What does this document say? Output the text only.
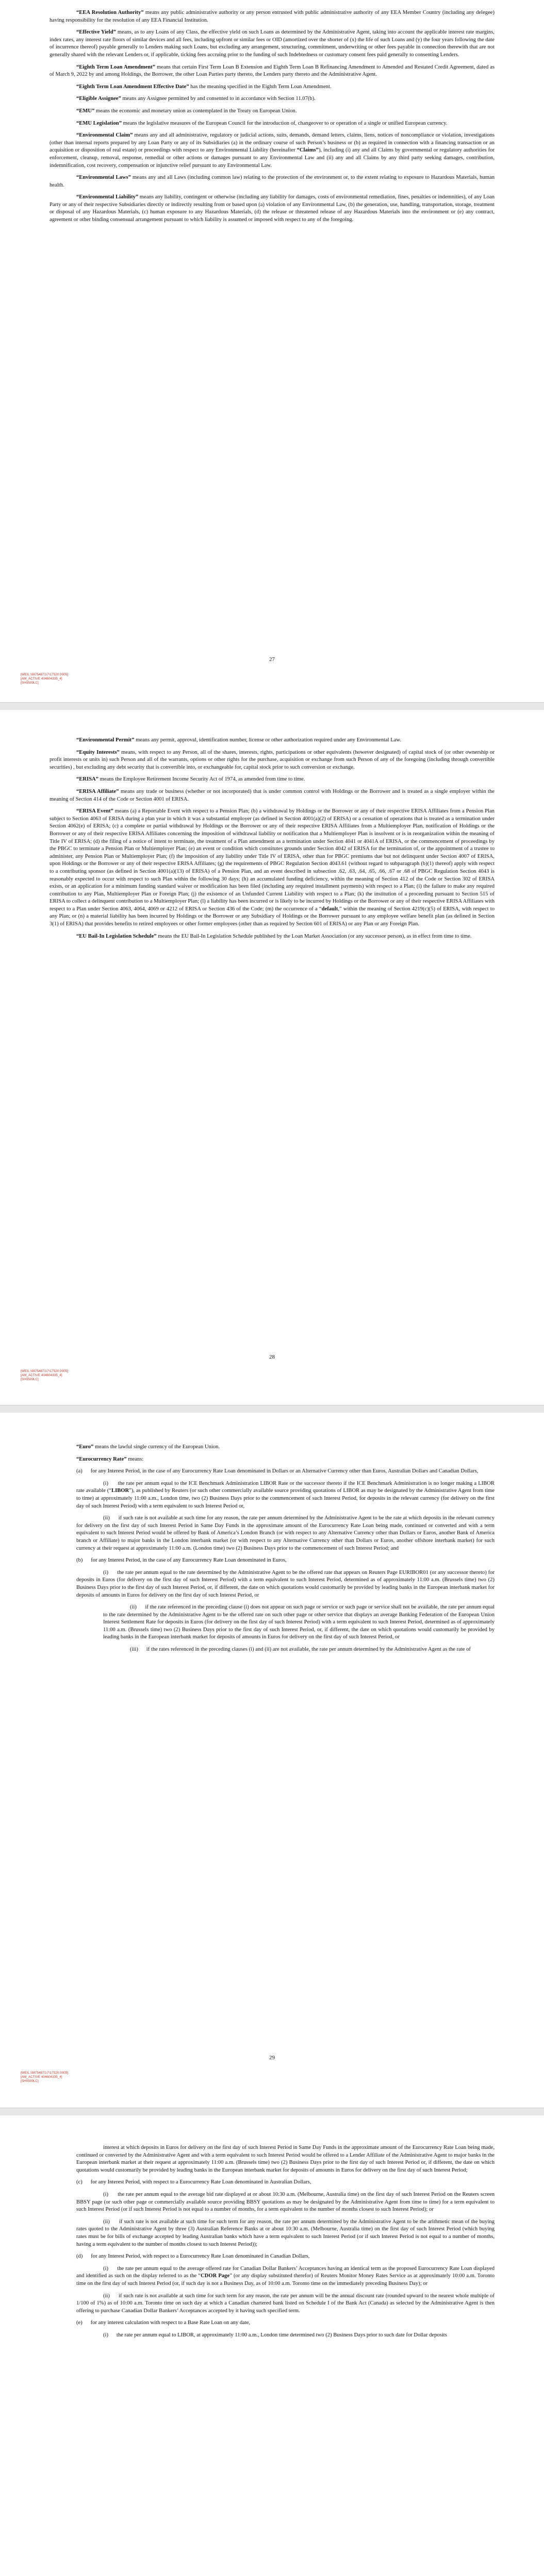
“EEA Resolution Authority” means any public administrative authority or any person entrusted with public administrative authority of any EEA Member Country (including any delegee) having responsibility for the resolution of any EEA Financial Institution.

“Effective Yield” means, as to any Loans of any Class, the effective yield on such Loans as determined by the Administrative Agent, taking into account the applicable interest rate margins, index rates, any interest rate floors of similar devices and all fees, including upfront or similar fees or OID (amortized over the shorter of (x) the life of such Loans and (y) the four years following the date of incurrence thereof) payable generally to Lenders making such Loans, but excluding any arrangement, structuring, commitment, underwriting or other fees payable in connection therewith that are not generally shared with the relevant Lenders or, if applicable, ticking fees accruing prior to the funding of such Indebtedness or customary consent fees paid generally to consenting Lenders.

“Eighth Term Loan Amendment” means that certain First Term Loan B Extension and Eighth Term Loan B Refinancing Amendment to Amended and Restated Credit Agreement, dated as of March 9, 2022 by and among Holdings, the Borrower, the other Loan Parties party thereto, the Lenders party thereto and the Administrative Agent.

“Eighth Term Loan Amendment Effective Date” has the meaning specified in the Eighth Term Loan Amendment.

“Eligible Assignee” means any Assignee permitted by and consented to in accordance with Section 11.07(b).

“EMU” means the economic and monetary union as contemplated in the Treaty on European Union.

“EMU Legislation” means the legislative measures of the European Council for the introduction of, changeover to or operation of a single or unified European currency.

“Environmental Claim” means any and all administrative, regulatory or judicial actions, suits, demands, demand letters, claims, liens, notices of noncompliance or violation, investigations (other than internal reports prepared by any Loan Party or any of its Subsidiaries (a) in the ordinary course of such Person’s business or (b) as required in connection with a financing transaction or an acquisition or disposition of real estate) or proceedings with respect to any Environmental Liability (hereinafter “Claims”), including (i) any and all Claims by governmental or regulatory authorities for enforcement, cleanup, removal, response, remedial or other actions or damages pursuant to any Environmental Law and (ii) any and all Claims by any third party seeking damages, contribution, indemnification, cost recovery, compensation or injunctive relief pursuant to any Environmental Law.

“Environmental Laws” means any and all Laws (including common law) relating to the protection of the environment or, to the extent relating to exposure to Hazardous Materials, human health.

“Environmental Liability” means any liability, contingent or otherwise (including any liability for damages, costs of environmental remediation, fines, penalties or indemnities), of any Loan Party or any of their respective Subsidiaries directly or indirectly resulting from or based upon (a) violation of any Environmental Law, (b) the generation, use, handling, transportation, storage, treatment or disposal of any Hazardous Materials, (c) human exposure to any Hazardous Materials, (d) the release or threatened release of any Hazardous Materials into the environment or (e) any contract, agreement or other binding consensual arrangement pursuant to which liability is assumed or imposed with respect to any of the foregoing.

[WEIL:\98754871\7\17520.0005]
[AM_ACTIVE 404604335_4]
[SH0509LC]
27

“Environmental Permit” means any permit, approval, identification number, license or other authorization required under any Environmental Law.

“Equity Interests” means, with respect to any Person, all of the shares, interests, rights, participations or other equivalents (however designated) of capital stock of (or other ownership or profit interests or units in) such Person and all of the warrants, options or other rights for the purchase, acquisition or exchange from such Person of any of the foregoing (including through convertible securities) , but excluding any debt security that is convertible into, or exchangeable for, capital stock prior to such conversion or exchange.

“ERISA” means the Employee Retirement Income Security Act of 1974, as amended from time to time.

“ERISA Affiliate” means any trade or business (whether or not incorporated) that is under common control with Holdings or the Borrower and is treated as a single employer within the meaning of Section 414 of the Code or Section 4001 of ERISA.

“ERISA Event” means (a) a Reportable Event with respect to a Pension Plan; (b) a withdrawal by Holdings or the Borrower or any of their respective ERISA Affiliates from a Pension Plan subject to Section 4063 of ERISA during a plan year in which it was a substantial employer (as defined in Section 4001(a)(2) of ERISA) or a cessation of operations that is treated as a termination under Section 4062(e) of ERISA; (c) a complete or partial withdrawal by Holdings or the Borrower or any of their respective ERISA Affiliates from a Multiemployer Plan, notification of Holdings or the Borrower or any of their respective ERISA Affiliates concerning the imposition of withdrawal liability or notification that a Multiemployer Plan is insolvent or is in reorganization within the meaning of Title IV of ERISA; (d) the filing of a notice of intent to terminate, the treatment of a Plan amendment as a termination under Section 4041 or 4041A of ERISA, or the commencement of proceedings by the PBGC to terminate a Pension Plan or Multiemployer Plan; (e) an event or condition which constitutes grounds under Section 4042 of ERISA for the termination of, or the appointment of a trustee to administer, any Pension Plan or Multiemployer Plan; (f) the imposition of any liability under Title IV of ERISA, other than for PBGC premiums due but not delinquent under Section 4007 of ERISA, upon Holdings or the Borrower or any of their respective ERISA Affiliates; (g) the requirements of PBGC Regulation Section 4043.61 (without regard to subparagraph (b)(1) thereof) apply with respect to a contributing sponsor (as defined in Section 4001(a)(13) of ERISA) of a Pension Plan, and an event described in subsection .62, .63, .64, .65, .66, .67 or .68 of PBGC Regulation Section 4043 is reasonably expected to occur with respect to such Plan within the following 30 days; (h) an accumulated funding deficiency, within the meaning of Section 412 of the Code or Section 302 of ERISA exists, or an application for a minimum funding standard waiver or modification has been filed (including any required installment payments) with respect to a Plan; (i) the failure to make any required contribution to any Plan, Multiemployer Plan or Foreign Plan; (j) the existence of an Unfunded Current Liability with respect to a Plan; (k) the institution of a proceeding pursuant to Section 515 of ERISA to collect a delinquent contribution to a Multiemployer Plan; (l) a liability has been incurred or is likely to be incurred by Holdings or the Borrower or any of their respective ERISA Affiliates with respect to a Plan under Section 4063, 4064, 4069 or 4212 of ERISA or Section 436 of the Code; (m) the occurrence of a “default,” within the meaning of Section 4219(c)(5) of ERISA, with respect to any Plan; or (n) a material liability has been incurred by Holdings or the Borrower or any Subsidiary of Holdings or the Borrower pursuant to any employee welfare benefit plan (as defined in Section 3(1) of ERISA) that provides benefits to retired employees or other former employees (other than as required by Section 601 of ERISA) or any Plan or any Foreign Plan.

“EU Bail-In Legislation Schedule” means the EU Bail-In Legislation Schedule published by the Loan Market Association (or any successor person), as in effect from time to time.

[WEIL:\98754871\7\17520.0005]
[AM_ACTIVE 404604335_4]
[SH0509LC]
28

“Euro” means the lawful single currency of the European Union.

“Eurocurrency Rate” means:

(a)      for any Interest Period, in the case of any Eurocurrency Rate Loan denominated in Dollars or an Alternative Currency other than Euros, Australian Dollars and Canadian Dollars,

(i)      the rate per annum equal to the ICE Benchmark Administration LIBOR Rate or the successor thereto if the ICE Benchmark Administration is no longer making a LIBOR rate available (“LIBOR”), as published by Reuters (or such other commercially available source providing quotations of LIBOR as may be designated by the Administrative Agent from time to time) at approximately 11:00 a.m., London time, two (2) Business Days prior to the commencement of such Interest Period, for deposits in the relevant currency (for delivery on the first day of such Interest Period) with a term equivalent to such Interest Period or,

(ii)      if such rate is not available at such time for any reason, the rate per annum determined by the Administrative Agent to be the rate at which deposits in the relevant currency for delivery on the first day of such Interest Period in Same Day Funds in the approximate amount of the Eurocurrency Rate Loan being made, continued or converted and with a term equivalent to such Interest Period would be offered by Bank of America’s London Branch (or with respect to any Alternative Currency other than Dollars or Euros, another Bank of America branch or Affiliate) to major banks in the London interbank market (or with respect to any Alternative Currency other than Dollars or Euros, another offshore interbank market) for such currency at their request at approximately 11:00 a.m. (London time) two (2) Business Days prior to the commencement of such Interest Period; and

(b)      for any Interest Period, in the case of any Eurocurrency Rate Loan denominated in Euros,

(i)      the rate per annum equal to the rate determined by the Administrative Agent to be the offered rate that appears on Reuters Page EURIBOR01 (or any successor thereto) for deposits in Euros (for delivery on the first day of such Interest Period) with a term equivalent to such Interest Period, determined as of approximately 11:00 a.m. (Brussels time) two (2) Business Days prior to the first day of such Interest Period, or, if different, the date on which quotations would customarily be provided by leading banks in the European interbank market for deposits of amounts in Euros for delivery on the first day of such Interest Period, or

(ii)      if the rate referenced in the preceding clause (i) does not appear on such page or service or such page or service shall not be available, the rate per annum equal to the rate determined by the Administrative Agent to be the offered rate on such other page or other service that displays an average Banking Federation of the European Union Interest Settlement Rate for deposits in Euros (for delivery on the first day of such Interest Period) with a term equivalent to such Interest Period, determined as of approximately 11:00 a.m. (Brussels time) two (2) Business Days prior to the first day of such Interest Period, or, if different, the date on which quotations would customarily be provided by leading banks in the European interbank market for deposits of amounts in Euros for delivery on the first day of such Interest Period, or

(iii)      if the rates referenced in the preceding clauses (i) and (ii) are not available, the rate per annum determined by the Administrative Agent as the rate of

[WEIL:\98754871\7\17520.0005]
[AM_ACTIVE 404604335_4]
[SH0509LC]
29

interest at which deposits in Euros for delivery on the first day of such Interest Period in Same Day Funds in the approximate amount of the Eurocurrency Rate Loan being made, continued or converted by the Administrative Agent and with a term equivalent to such Interest Period would be offered to a Lender Affiliate of the Administrative Agent to major banks in the European interbank market at their request at approximately 11:00 a.m. (Brussels time) two (2) Business Days prior to the first day of such Interest Period or, if different, the date on which quotations would customarily be provided by leading banks in the European interbank market for deposits of amounts in Euros for delivery on the first day of such Interest Period;

(c)      for any Interest Period, with respect to a Eurocurrency Rate Loan denominated in Australian Dollars,

(i)      the rate per annum equal to the average bid rate displayed at or about 10:30 a.m. (Melbourne, Australia time) on the first day of such Interest Period on the Reuters screen BBSY page (or such other page or commercially available source providing BBSY quotations as may be designated by the Administrative Agent from time to time) for a term equivalent to such Interest Period (or if such Interest Period is not equal to a number of months, for a term equivalent to the number of months closest to such Interest Period); or

(ii)      if such rate is not available at such time for such term for any reason, the rate per annum determined by the Administrative Agent to be the arithmetic mean of the buying rates quoted to the Administrative Agent by three (3) Australian Reference Banks at or about 10:30 a.m. (Melbourne, Australia time) on the first day of such Interest Period (which buying rates must be for bills of exchange accepted by leading Australian banks which have a term equivalent to such Interest Period (or if such Interest Period is not equal to a number of months, having a term equivalent to the number of months closest to such Interest Period));

(d)      for any Interest Period, with respect to a Eurocurrency Rate Loan denominated in Canadian Dollars,

(i)      the rate per annum equal to the average offered rate for Canadian Dollar Bankers’ Acceptances having an identical term as the proposed Eurocurrency Rate Loan displayed and identified as such on the display referred to as the “CDOR Page” (or any display substituted therefor) of Reuters Monitor Money Rates Service as at approximately 10:00 a.m. Toronto time on the first day of such Interest Period (or, if such day is not a Business Day, as of 10:00 a.m. Toronto time on the immediately preceding Business Day); or

(ii)      if such rate is not available at such time for such term for any reason, the rate per annum will be the annual discount rate (rounded upward to the nearest whole multiple of 1/100 of 1%) as of 10:00 a.m. Toronto time on such day at which a Canadian chartered bank listed on Schedule I of the Bank Act (Canada) as selected by the Administrative Agent is then offering to purchase Canadian Dollar Bankers’ Acceptances accepted by it having such specified term.

(e)      for any interest calculation with respect to a Base Rate Loan on any date,

(i)      the rate per annum equal to LIBOR, at approximately 11:00 a.m., London time determined two (2) Business Days prior to such date for Dollar deposits
